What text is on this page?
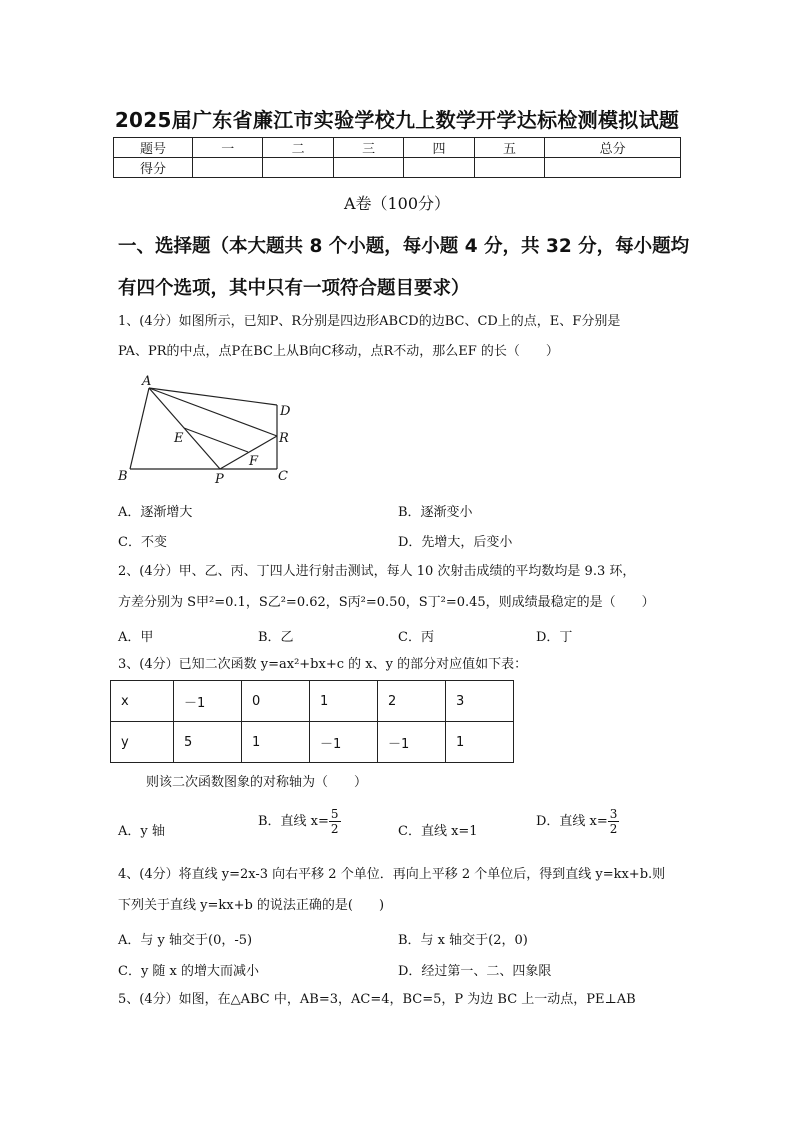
2025届广东省廉江市实验学校九上数学开学达标检测模拟试题
题号	一	二	三	四	五	总分
得分						
A卷（100分）
一、选择题（本大题共 8 个小题，每小题 4 分，共 32 分，每小题均
有四个选项，其中只有一项符合题目要求）
1、(4分）如图所示，已知P、R分别是四边形ABCD的边BC、CD上的点，E、F分别是
PA、PR的中点，点P在BC上从B向C移动，点R不动，那么EF 的长（　　）
A
B	C
D
E
F
P
R
A．逐渐增大	B．逐渐变小
C．不变	D．先增大，后变小
2、(4分）甲、乙、丙、丁四人进行射击测试，每人 10 次射击成绩的平均数均是 9.3 环，
方差分别为 S甲²=0.1，S乙²=0.62，S丙²=0.50，S丁²=0.45，则成绩最稳定的是（　　）
A．甲	B．乙	C．丙	D．丁
3、(4分）已知二次函数 y=ax²+bx+c 的 x、y 的部分对应值如下表：
x	－1	0	1	2	3
y	5	1	－1	－1	1
则该二次函数图象的对称轴为（　　）
A．y 轴
B．直线 $x= \frac{5}{2}$	C．直线 x=1
D．直线 $x= \frac{3}{2}$
4、(4分）将直线 y=2x-3 向右平移 2 个单位．再向上平移 2 个单位后，得到直线 y=kx+b.则
下列关于直线 y=kx+b 的说法正确的是(　　)
A．与 y 轴交于(0，-5)	B．与 x 轴交于(2，0)
C．y 随 x 的增大而减小	D．经过第一、二、四象限
5、(4分）如图，在△ABC 中，AB=3，AC=4，BC=5，P 为边 BC 上一动点，PE⊥AB
